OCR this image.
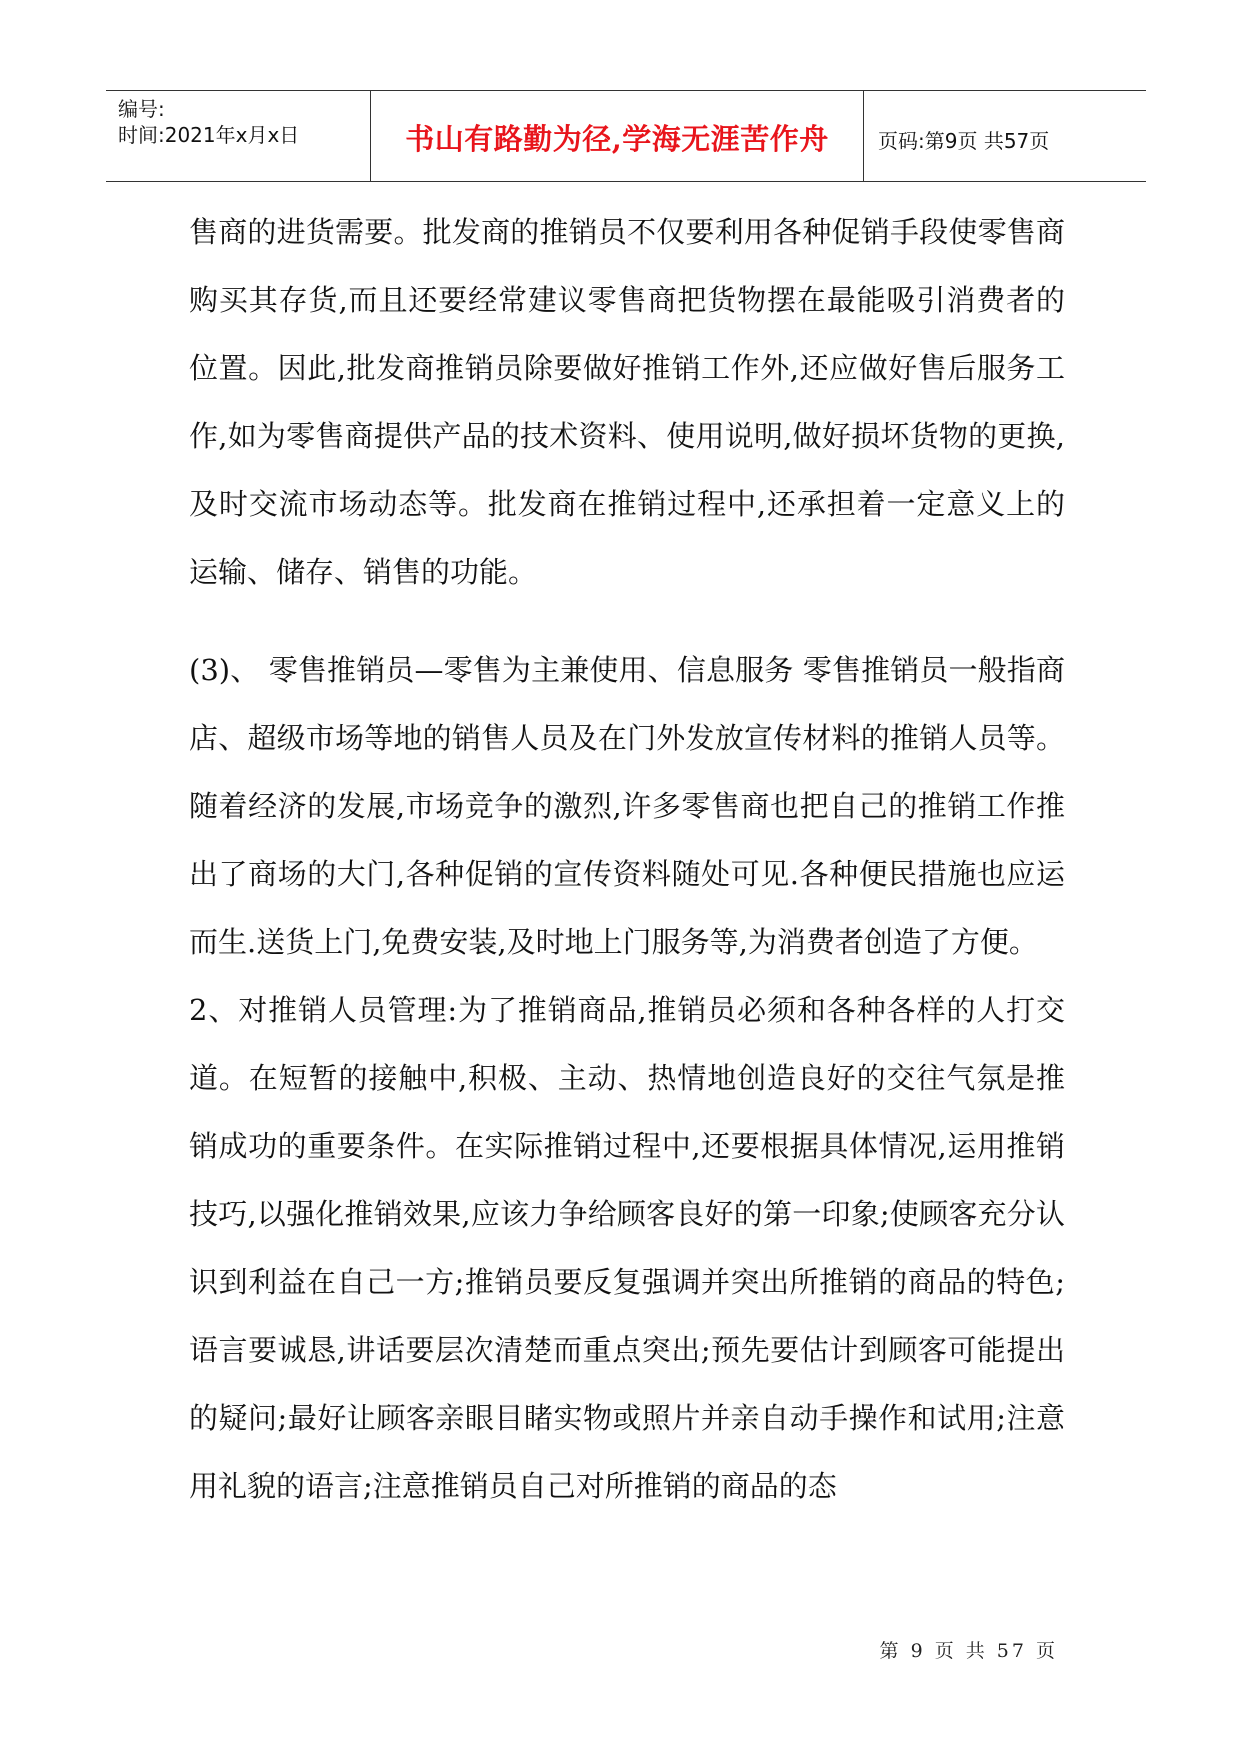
编号:
时间:2021年x月x日	书山有路勤为径,学海无涯苦作舟	页码:第9页 共57页

售商的进货需要。批发商的推销员不仅要利用各种促销手段使零售商购买其存货,而且还要经常建议零售商把货物摆在最能吸引消费者的位置。因此,批发商推销员除要做好推销工作外,还应做好售后服务工作,如为零售商提供产品的技术资料、使用说明,做好损坏货物的更换,及时交流市场动态等。批发商在推销过程中,还承担着一定意义上的运输、储存、销售的功能。

(3)、 零售推销员—零售为主兼使用、信息服务 零售推销员一般指商店、超级市场等地的销售人员及在门外发放宣传材料的推销人员等。随着经济的发展,市场竞争的激烈,许多零售商也把自己的推销工作推出了商场的大门,各种促销的宣传资料随处可见.各种便民措施也应运而生.送货上门,免费安装,及时地上门服务等,为消费者创造了方便。

2、对推销人员管理:为了推销商品,推销员必须和各种各样的人打交道。在短暂的接触中,积极、主动、热情地创造良好的交往气氛是推销成功的重要条件。在实际推销过程中,还要根据具体情况,运用推销技巧,以强化推销效果,应该力争给顾客良好的第一印象;使顾客充分认识到利益在自己一方;推销员要反复强调并突出所推销的商品的特色;语言要诚恳,讲话要层次清楚而重点突出;预先要估计到顾客可能提出的疑问;最好让顾客亲眼目睹实物或照片并亲自动手操作和试用;注意用礼貌的语言;注意推销员自己对所推销的商品的态

第 9 页 共 57 页
